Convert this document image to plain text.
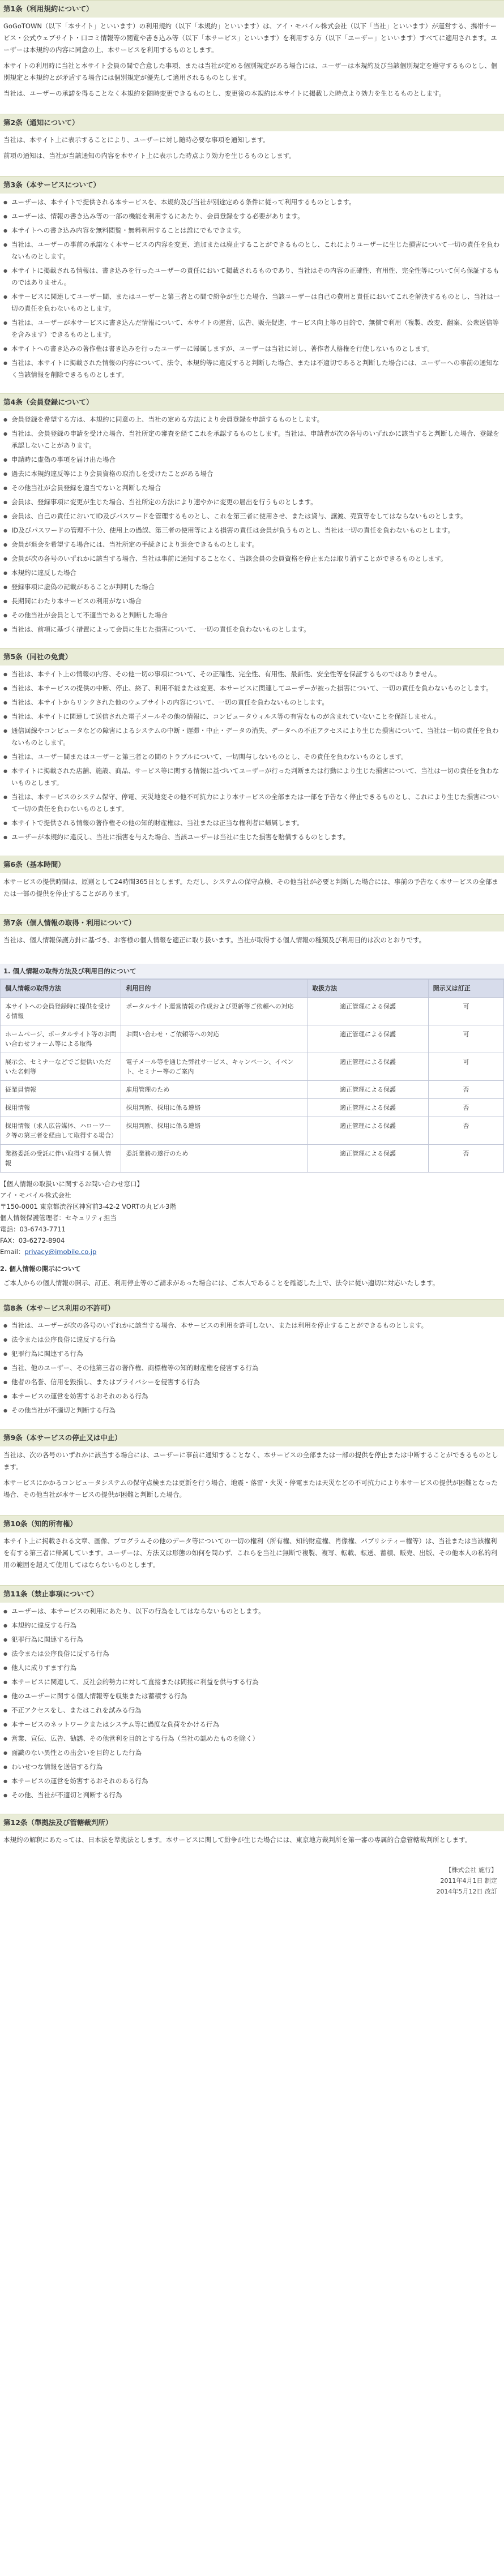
第1条（利用規約について）

GoGoTOWN（以下「本サイト」といいます）の利用規約（以下「本規約」といいます）は、アイ・モバイル株式会社（以下「当社」といいます）が運営する、携帯サービス・公式ウェブサイト・口コミ情報等の閲覧や書き込み等（以下「本サービス」といいます）を利用する方（以下「ユーザー」といいます）すべてに適用されます。ユーザーは本規約の内容に同意の上、本サービスを利用するものとします。

本サイトの利用時に当社と本サイト会員の間で合意した事項、または当社が定める個別規定がある場合には、ユーザーは本規約及び当該個別規定を遵守するものとし、個別規定と本規約とが矛盾する場合には個別規定が優先して適用されるものとします。

当社は、ユーザーの承諾を得ることなく本規約を随時変更できるものとし、変更後の本規約は本サイトに掲載した時点より効力を生じるものとします。

第2条（通知について）

当社は、本サイト上に表示することにより、ユーザーに対し随時必要な事項を通知します。

前項の通知は、当社が当該通知の内容を本サイト上に表示した時点より効力を生じるものとします。

第3条（本サービスについて）
● ユーザーは、本サイトで提供される本サービスを、本規約及び当社が別途定める条件に従って利用するものとします。
● ユーザーは、情報の書き込み等の一部の機能を利用するにあたり、会員登録をする必要があります。
● 本サイトへの書き込み内容を無料閲覧・無料利用することは誰にでもできます。
● 当社は、ユーザーの事前の承諾なく本サービスの内容を変更、追加または廃止することができるものとし、これによりユーザーに生じた損害について一切の責任を負わないものとします。
● 本サイトに掲載される情報は、書き込みを行ったユーザーの責任において掲載されるものであり、当社はその内容の正確性、有用性、完全性等について何ら保証するものではありません。
● 本サービスに関連してユーザー間、またはユーザーと第三者との間で紛争が生じた場合、当該ユーザーは自己の費用と責任においてこれを解決するものとし、当社は一切の責任を負わないものとします。
● 当社は、ユーザーが本サービスに書き込んだ情報について、本サイトの運営、広告、販売促進、サービス向上等の目的で、無償で利用（複製、改変、翻案、公衆送信等を含みます）できるものとします。
● 本サイトへの書き込みの著作権は書き込みを行ったユーザーに帰属しますが、ユーザーは当社に対し、著作者人格権を行使しないものとします。
● 当社は、本サイトに掲載された情報の内容について、法令、本規約等に違反すると判断した場合、または不適切であると判断した場合には、ユーザーへの事前の通知なく当該情報を削除できるものとします。
第4条（会員登録について）
● 会員登録を希望する方は、本規約に同意の上、当社の定める方法により会員登録を申請するものとします。
● 当社は、会員登録の申請を受けた場合、当社所定の審査を経てこれを承認するものとします。当社は、申請者が次の各号のいずれかに該当すると判断した場合、登録を承認しないことがあります。
● 申請時に虚偽の事項を届け出た場合
● 過去に本規約違反等により会員資格の取消しを受けたことがある場合
● その他当社が会員登録を適当でないと判断した場合
● 会員は、登録事項に変更が生じた場合、当社所定の方法により速やかに変更の届出を行うものとします。
● 会員は、自己の責任においてID及びパスワードを管理するものとし、これを第三者に使用させ、または貸与、譲渡、売買等をしてはならないものとします。
● ID及びパスワードの管理不十分、使用上の過誤、第三者の使用等による損害の責任は会員が負うものとし、当社は一切の責任を負わないものとします。
● 会員が退会を希望する場合には、当社所定の手続きにより退会できるものとします。
● 会員が次の各号のいずれかに該当する場合、当社は事前に通知することなく、当該会員の会員資格を停止または取り消すことができるものとします。
● 本規約に違反した場合
● 登録事項に虚偽の記載があることが判明した場合
● 長期間にわたり本サービスの利用がない場合
● その他当社が会員として不適当であると判断した場合
● 当社は、前項に基づく措置によって会員に生じた損害について、一切の責任を負わないものとします。
第5条（同社の免責）
● 当社は、本サイト上の情報の内容、その他一切の事項について、その正確性、完全性、有用性、最新性、安全性等を保証するものではありません。
● 当社は、本サービスの提供の中断、停止、終了、利用不能または変更、本サービスに関連してユーザーが被った損害について、一切の責任を負わないものとします。
● 当社は、本サイトからリンクされた他のウェブサイトの内容について、一切の責任を負わないものとします。
● 当社は、本サイトに関連して送信された電子メールその他の情報に、コンピュータウィルス等の有害なものが含まれていないことを保証しません。
● 通信回線やコンピュータなどの障害によるシステムの中断・遅滞・中止・データの消失、データへの不正アクセスにより生じた損害について、当社は一切の責任を負わないものとします。
● 当社は、ユーザー間またはユーザーと第三者との間のトラブルについて、一切関与しないものとし、その責任を負わないものとします。
● 本サイトに掲載された店舗、施設、商品、サービス等に関する情報に基づいてユーザーが行った判断または行動により生じた損害について、当社は一切の責任を負わないものとします。
● 当社は、本サービスのシステム保守、停電、天災地変その他不可抗力により本サービスの全部または一部を予告なく停止できるものとし、これにより生じた損害について一切の責任を負わないものとします。
● 本サイトで提供される情報の著作権その他の知的財産権は、当社または正当な権利者に帰属します。
● ユーザーが本規約に違反し、当社に損害を与えた場合、当該ユーザーは当社に生じた損害を賠償するものとします。
第6条（基本時間）

本サービスの提供時間は、原則として24時間365日とします。ただし、システムの保守点検、その他当社が必要と判断した場合には、事前の予告なく本サービスの全部または一部の提供を停止することがあります。

第7条（個人情報の取得・利用について）

当社は、個人情報保護方針に基づき、お客様の個人情報を適正に取り扱います。当社が取得する個人情報の種類及び利用目的は次のとおりです。

1. 個人情報の取得方法及び利用目的について
個人情報の取得方法	利用目的	取扱方法	開示又は訂正
本サイトへの会員登録時に提供を受ける情報	ポータルサイト運営情報の作成および更新等ご依頼への対応	適正管理による保護	可
ホームページ、ポータルサイト等のお問い合わせフォーム等による取得	お問い合わせ・ご依頼等への対応	適正管理による保護	可
展示会、セミナーなどでご提供いただいた名刺等	電子メール等を通じた弊社サービス、キャンペーン、イベント、セミナー等のご案内	適正管理による保護	可
従業員情報	雇用管理のため	適正管理による保護	否
採用情報	採用判断、採用に係る連絡	適正管理による保護	否
採用情報（求人広告媒体、ハローワーク等の第三者を経由して取得する場合）	採用判断、採用に係る連絡	適正管理による保護	否
業務委託の受託に伴い取得する個人情報	委託業務の遂行のため	適正管理による保護	否
【個人情報の取扱いに関するお問い合わせ窓口】
アイ・モバイル株式会社
〒150-0001 東京都渋谷区神宮前3-42-2 VORTの丸ビル3階
個人情報保護管理者：セキュリティ担当
電話：03-6743-7711
FAX：03-6272-8904
Email：privacy@imobile.co.jp
2. 個人情報の開示について
ご本人からの個人情報の開示、訂正、利用停止等のご請求があった場合には、ご本人であることを確認した上で、法令に従い適切に対応いたします。
第8条（本サービス利用の不許可）
● 当社は、ユーザーが次の各号のいずれかに該当する場合、本サービスの利用を許可しない、または利用を停止することができるものとします。
● 法令または公序良俗に違反する行為
● 犯罪行為に関連する行為
● 当社、他のユーザー、その他第三者の著作権、商標権等の知的財産権を侵害する行為
● 他者の名誉、信用を毀損し、またはプライバシーを侵害する行為
● 本サービスの運営を妨害するおそれのある行為
● その他当社が不適切と判断する行為
第9条（本サービスの停止又は中止）

当社は、次の各号のいずれかに該当する場合には、ユーザーに事前に通知することなく、本サービスの全部または一部の提供を停止または中断することができるものとします。

本サービスにかかるコンピュータシステムの保守点検または更新を行う場合、地震・落雷・火災・停電または天災などの不可抗力により本サービスの提供が困難となった場合、その他当社が本サービスの提供が困難と判断した場合。

第10条（知的所有権）

本サイト上に掲載される文章、画像、プログラムその他のデータ等についての一切の権利（所有権、知的財産権、肖像権、パブリシティー権等）は、当社または当該権利を有する第三者に帰属しています。ユーザーは、方法又は形態の如何を問わず、これらを当社に無断で複製、複写、転載、転送、蓄積、販売、出版、その他本人の私的利用の範囲を超えて使用してはならないものとします。

第11条（禁止事項について）
● ユーザーは、本サービスの利用にあたり、以下の行為をしてはならないものとします。
● 本規約に違反する行為
● 犯罪行為に関連する行為
● 法令または公序良俗に反する行為
● 他人に成りすます行為
● 本サービスに関連して、反社会的勢力に対して直接または間接に利益を供与する行為
● 他のユーザーに関する個人情報等を収集または蓄積する行為
● 不正アクセスをし、またはこれを試みる行為
● 本サービスのネットワークまたはシステム等に過度な負荷をかける行為
● 営業、宣伝、広告、勧誘、その他営利を目的とする行為（当社の認めたものを除く）
● 面識のない異性との出会いを目的とした行為
● わいせつな情報を送信する行為
● 本サービスの運営を妨害するおそれのある行為
● その他、当社が不適切と判断する行為
第12条（準拠法及び管轄裁判所）

本規約の解釈にあたっては、日本法を準拠法とします。本サービスに関して紛争が生じた場合には、東京地方裁判所を第一審の専属的合意管轄裁判所とします。

【株式会社 施行】
2011年4月1日 制定
2014年5月12日 改訂
